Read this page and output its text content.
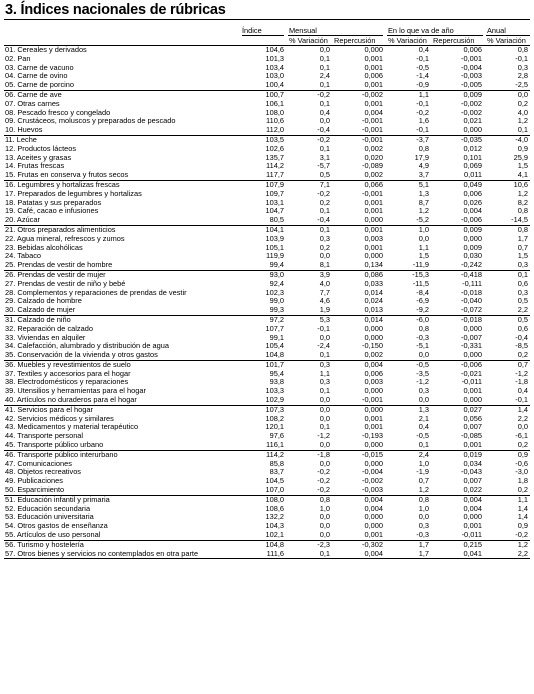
3. Índices nacionales de rúbricas
Índice	Mensual	En lo que va de año	Anual
% Variación Repercusión % Variación Repercusión % Variación
01. Cereales y derivados	104,6	0,0	0,000	0,4	0,006	0,8
02. Pan	101,3	0,1	0,001	-0,1	-0,001	-0,1
03. Carne de vacuno	103,4	0,1	0,001	-0,5	-0,004	0,3
04. Carne de ovino	103,0	2,4	0,006	-1,4	-0,003	2,8
05. Carne de porcino	100,4	0,1	0,001	-0,9	-0,005	-2,5
06. Carne de ave	100,7	-0,2	-0,002	1,1	0,009	0,0
07. Otras carnes	106,1	0,1	0,001	-0,1	-0,002	0,2
08. Pescado fresco y congelado	108,0	0,4	0,004	-0,2	-0,002	4,0
09. Crustáceos, moluscos y preparados de pescado	110,6	0,0	-0,001	1,6	0,021	1,2
10. Huevos	112,0	-0,4	-0,001	-0,1	0,000	0,1
11. Leche	103,5	-0,2	-0,001	-3,7	-0,035	-4,0
12. Productos lácteos	102,6	0,1	0,002	0,8	0,012	0,9
13. Aceites y grasas	135,7	3,1	0,020	17,9	0,101	25,9
14. Frutas frescas	114,2	-5,7	-0,089	4,9	0,069	1,5
15. Frutas en conserva y frutos secos	117,7	0,5	0,002	3,7	0,011	4,1
16. Legumbres y hortalizas frescas	107,9	7,1	0,066	5,1	0,049	10,6
17. Preparados de legumbres y hortalizas	109,7	-0,2	-0,001	1,3	0,006	1,2
18. Patatas y sus preparados	103,1	0,2	0,001	8,7	0,026	8,2
19. Café, cacao e infusiones	104,7	0,1	0,001	1,2	0,004	0,8
20. Azúcar	80,5	-0,4	0,000	-5,2	-0,006	-14,5
21. Otros preparados alimenticios	104,1	0,1	0,001	1,0	0,009	0,8
22. Agua mineral, refrescos y zumos	103,9	0,3	0,003	0,0	0,000	1,7
23. Bebidas alcohólicas	105,1	0,2	0,001	1,1	0,009	0,7
24. Tabaco	119,9	0,0	0,000	1,5	0,030	1,5
25. Prendas de vestir de hombre	99,4	8,1	0,134	-11,9	-0,242	0,3
26. Prendas de vestir de mujer	93,0	3,9	0,086	-15,3	-0,418	0,1
27. Prendas de vestir de niño y bebé	92,4	4,0	0,033	-11,5	-0,111	0,6
28. Complementos y reparaciones de prendas de vestir	102,3	7,7	0,014	-8,4	-0,018	0,3
29. Calzado de hombre	99,0	4,6	0,024	-6,9	-0,040	0,5
30. Calzado de mujer	99,3	1,9	0,013	-9,2	-0,072	2,2
31. Calzado de niño	97,2	5,3	0,014	-6,0	-0,018	0,5
32. Reparación de calzado	107,7	-0,1	0,000	0,8	0,000	0,6
33. Viviendas en alquiler	99,1	0,0	0,000	-0,3	-0,007	-0,4
34. Calefacción, alumbrado y distribución de agua	105,4	-2,4	-0,150	-5,1	-0,331	-8,5
35. Conservación de la vivienda y otros gastos	104,8	0,1	0,002	0,0	0,000	0,2
36. Muebles y revestimientos de suelo	101,7	0,3	0,004	-0,5	-0,006	0,7
37. Textiles y accesorios para el hogar	95,4	1,1	0,006	-3,5	-0,021	-1,2
38. Electrodomésticos y reparaciones	93,8	0,3	0,003	-1,2	-0,011	-1,8
39. Utensilios y herramientas para el hogar	103,3	0,1	0,000	0,3	0,001	0,4
40. Artículos no duraderos para el hogar	102,9	0,0	-0,001	0,0	0,000	-0,1
41. Servicios para el hogar	107,3	0,0	0,000	1,3	0,027	1,4
42. Servicios médicos y similares	108,2	0,0	0,001	2,1	0,056	2,2
43. Medicamentos y material terapéutico	120,1	0,1	0,001	0,4	0,007	0,0
44. Transporte personal	97,6	-1,2	-0,193	-0,5	-0,085	-6,1
45. Transporte público urbano	116,1	0,0	0,000	0,1	0,001	0,2
46. Transporte público interurbano	114,2	-1,8	-0,015	2,4	0,019	0,9
47. Comunicaciones	85,8	0,0	0,000	1,0	0,034	-0,6
48. Objetos recreativos	83,7	-0,2	-0,004	-1,9	-0,043	-3,0
49. Publicaciones	104,5	-0,2	-0,002	0,7	0,007	1,8
50. Esparcimiento	107,0	-0,2	-0,003	1,2	0,022	0,2
51. Educación infantil y primaria	108,0	0,8	0,004	0,8	0,004	1,1
52. Educación secundaria	108,6	1,0	0,004	1,0	0,004	1,4
53. Educación universitaria	132,2	0,0	0,000	0,0	0,000	1,4
54. Otros gastos de enseñanza	104,3	0,0	0,000	0,3	0,001	0,9
55. Artículos de uso personal	102,1	0,0	0,001	-0,3	-0,011	-0,2
56. Turismo y hostelería	104,8	-2,3	-0,302	1,7	0,215	1,2
57. Otros bienes y servicios no contemplados en otra parte	111,6	0,1	0,004	1,7	0,041	2,2
